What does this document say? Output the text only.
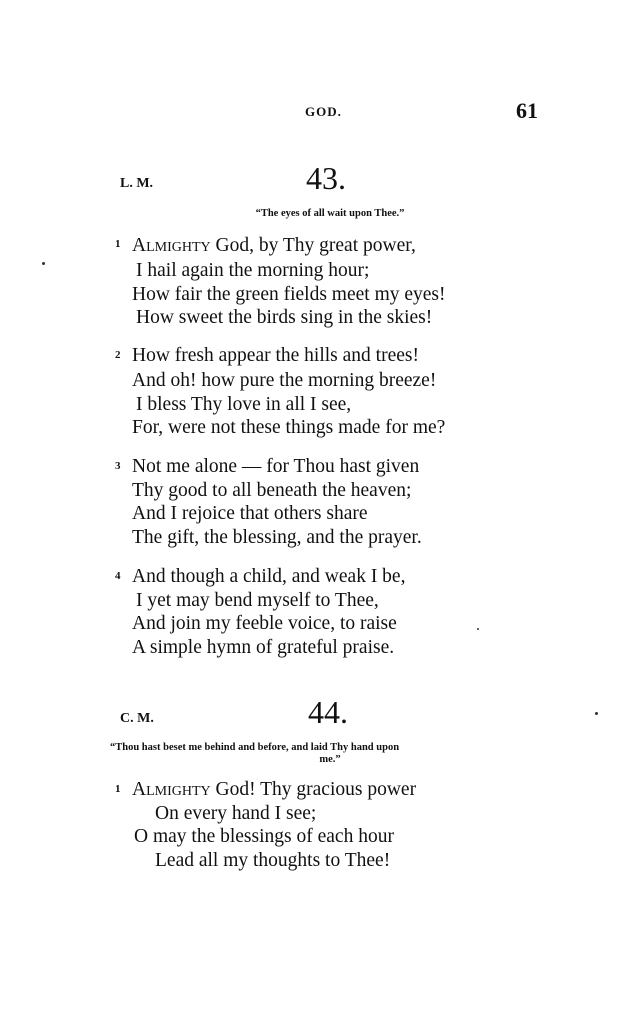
GOD.	61
L. M.	43.
“The eyes of all wait upon Thee.”
1 Almighty God, by Thy great power,
I hail again the morning hour;
How fair the green fields meet my eyes!
How sweet the birds sing in the skies!
2 How fresh appear the hills and trees!
And oh! how pure the morning breeze!
I bless Thy love in all I see,
For, were not these things made for me?
3 Not me alone — for Thou hast given
Thy good to all beneath the heaven;
And I rejoice that others share
The gift, the blessing, and the prayer.
4 And though a child, and weak I be,
I yet may bend myself to Thee,
And join my feeble voice, to raise
A simple hymn of grateful praise.
C. M.	44.
“Thou hast beset me behind and before, and laid Thy hand upon
me.”
1 Almighty God! Thy gracious power
On every hand I see;
O may the blessings of each hour
Lead all my thoughts to Thee!
